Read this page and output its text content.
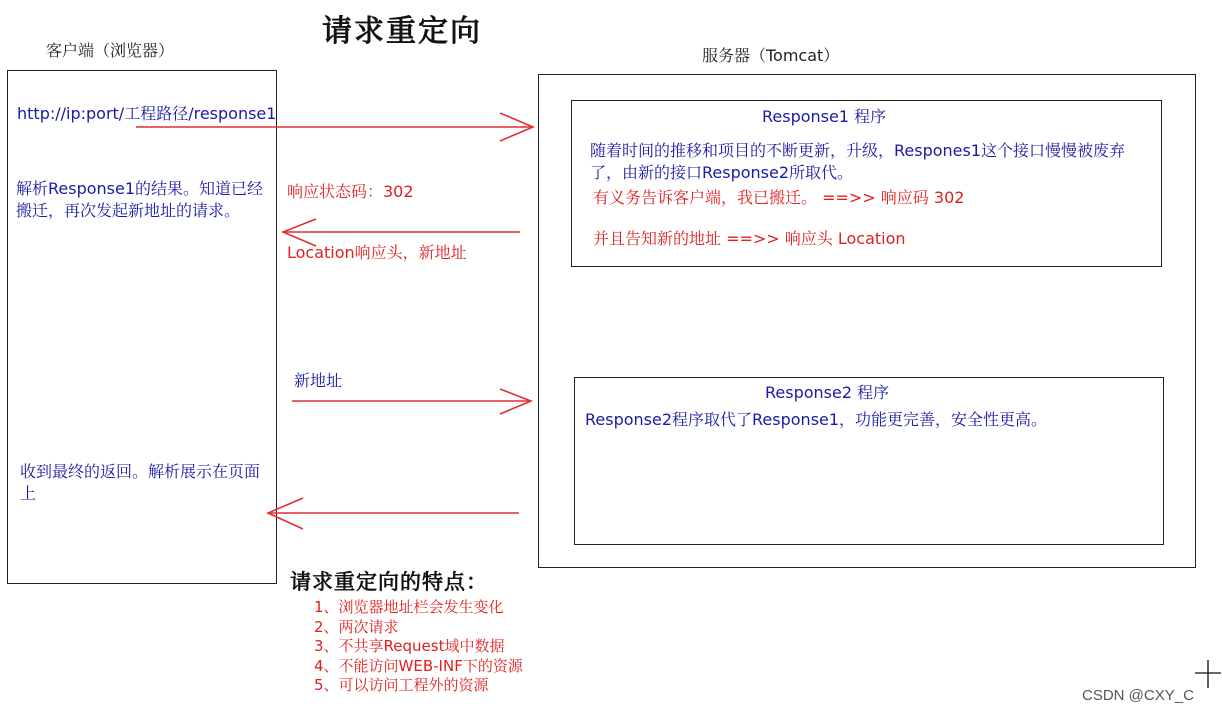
请求重定向
客户端（浏览器）	服务器（Tomcat）
http://ip:port/工程路径/response1
解析Response1的结果。知道已经搬迁，再次发起新地址的请求。
收到最终的返回。解析展示在页面上
响应状态码：302
Location响应头，新地址
新地址
Response1 程序
随着时间的推移和项目的不断更新，升级，Respones1这个接口慢慢被废弃了，由新的接口Response2所取代。
有义务告诉客户端，我已搬迁。 ==>> 响应码 302
并且告知新的地址 ==>> 响应头 Location
Response2 程序
Response2程序取代了Response1，功能更完善，安全性更高。
请求重定向的特点：
1、浏览器地址栏会发生变化
2、两次请求
3、不共享Request域中数据
4、不能访问WEB-INF下的资源
5、可以访问工程外的资源
CSDN @CXY_C
